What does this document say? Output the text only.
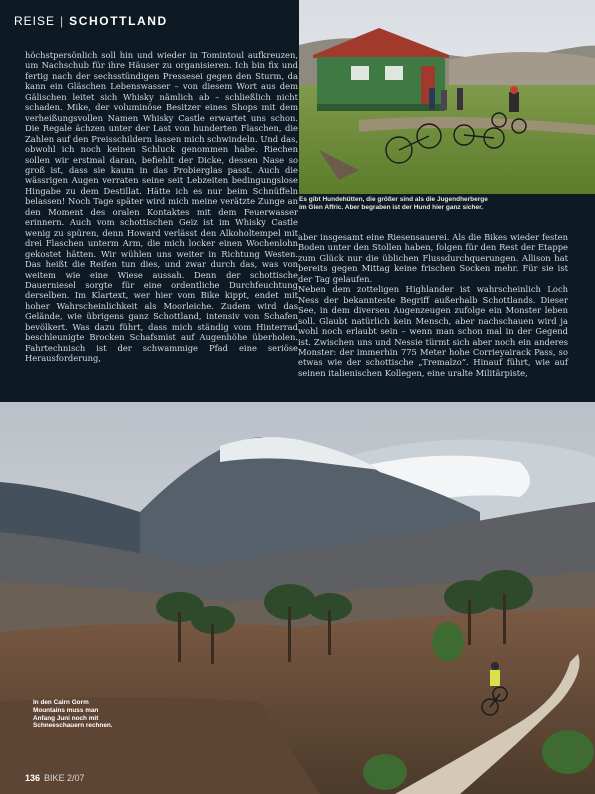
REISE | SCHOTTLAND

höchstpersönlich soll hin und wieder in Tomintoul aufkreuzen, um Nachschub für ihre Häuser zu organisieren. Ich bin fix und fertig nach der sechsstündigen Pressesei gegen den Sturm, da kann ein Gläschen Lebenswasser – von diesem Wort aus dem Gälischen leitet sich Whisky nämlich ab – schließlich nicht schaden. Mike, der voluminöse Besitzer eines Shops mit dem verheißungsvollen Namen Whisky Castle erwartet uns schon. Die Regale ächzen unter der Last von hunderten Flaschen, die Zahlen auf den Preisschildern lassen mich schwindeln. Und das, obwohl ich noch keinen Schluck genommen habe. Riechen sollen wir erstmal daran, befiehlt der Dicke, dessen Nase so groß ist, dass sie kaum in das Probierglas passt. Auch die wässrigen Augen verraten seine seit Lebzeiten bedingungslose Hingabe zu dem Destillat. Hätte ich es nur beim Schnüffeln belassen! Noch Tage später wird mich meine verätzte Zunge an den Moment des oralen Kontaktes mit dem Feuerwasser erinnern. Auch vom schottischen Geiz ist im Whisky Castle wenig zu spüren, denn Howard verlässt den Alkoholtempel mit drei Flaschen unterm Arm, die mich locker einen Wochenlohn gekostet hätten. Wir wühlen uns weiter in Richtung Westen. Das heißt die Reifen tun dies, und zwar durch das, was von weitem wie eine Wiese aussah. Denn der schottische Dauerniesel sorgte für eine ordentliche Durchfeuchtung derselben. Im Klartext, wer hier vom Bike kippt, endet mit hoher Wahrscheinlichkeit als Moorleiche. Zudem wird das Gelände, wie übrigens ganz Schottland, intensiv von Schafen bevölkert. Was dazu führt, dass mich ständig vom Hinterrad beschleunigte Brocken Schafsmist auf Augenhöhe überholen. Fahrtechnisch ist der schwammige Pfad eine seriöse Herausforderung,

Es gibt Hundehütten, die größer sind als die Jugendherberge
im Glen Affric. Aber begraben ist der Hund hier ganz sicher.

aber insgesamt eine Riesensauerei. Als die Bikes wieder festen Boden unter den Stollen haben, folgen für den Rest der Etappe zum Glück nur die üblichen Flussdurchquerungen. Allison hat bereits gegen Mittag keine frischen Socken mehr. Für sie ist der Tag gelaufen.

Neben dem zotteligen Highlander ist wahrscheinlich Loch Ness der bekannteste Begriff außerhalb Schottlands. Dieser See, in dem diversen Augenzeugen zufolge ein Monster leben soll. Glaubt natürlich kein Mensch, aber nachschauen wird ja wohl noch erlaubt sein – wenn man schon mal in der Gegend ist. Zwischen uns und Nessie türmt sich aber noch ein anderes Monster: der immerhin 775 Meter hohe Corrieyairack Pass, so etwas wie der schottische „Tremalzo“. Hinauf führt, wie auf seinen italienischen Kollegen, eine uralte Militärpiste,

In den Cairn Gorm Mountains muss man Anfang Juni noch mit Schneeschauern rechnen.
136 BIKE 2/07
